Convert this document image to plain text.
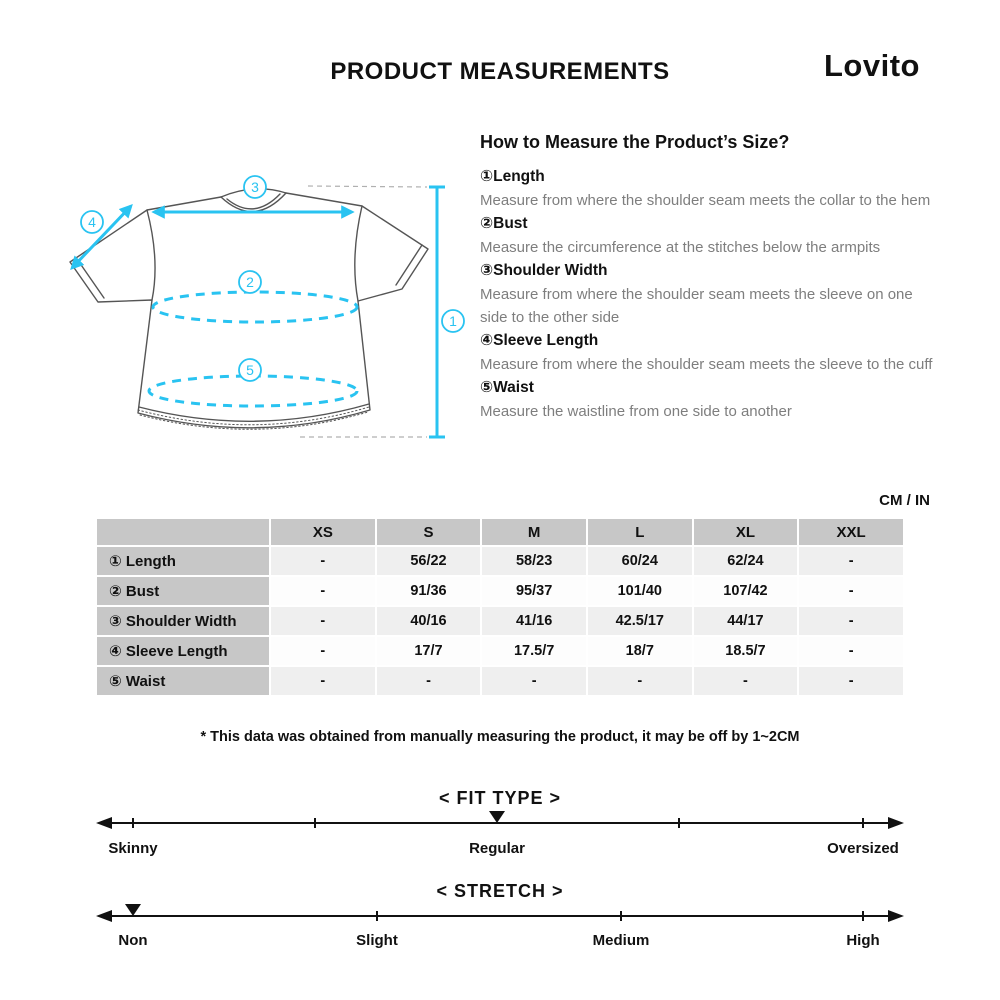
PRODUCT MEASUREMENTS	Lovito
3
4
2
5
1
How to Measure the Product’s Size?
①Length
Measure from where the shoulder seam meets the collar to the hem
②Bust
Measure the circumference at the stitches below the armpits
③Shoulder Width
Measure from where the shoulder seam meets the sleeve on one side to the other side
④Sleeve Length
Measure from where the shoulder seam meets the sleeve to the cuff
⑤Waist
Measure the waistline from one side to another
CM / IN
	XS	S	M	L	XL	XXL
① Length	-	56/22	58/23	60/24	62/24	-
② Bust	-	91/36	95/37	101/40	107/42	-
③ Shoulder Width	-	40/16	41/16	42.5/17	44/17	-
④ Sleeve Length	-	17/7	17.5/7	18/7	18.5/7	-
⑤ Waist	-	-	-	-	-	-
* This data was obtained from manually measuring the product, it may be off by 1~2CM
< FIT TYPE >
Skinny	Regular	Oversized
< STRETCH >
Non	Slight	Medium	High
